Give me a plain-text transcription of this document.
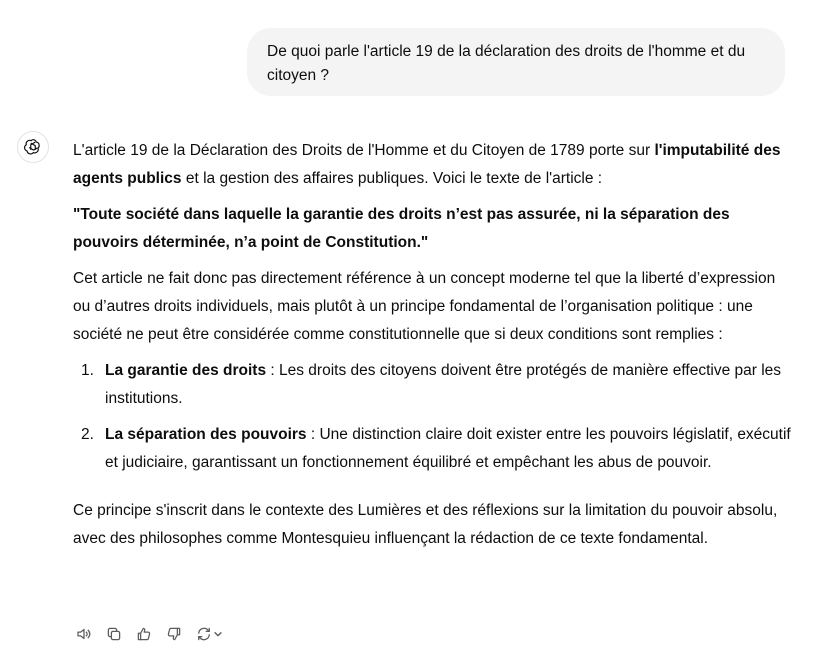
De quoi parle l'article 19 de la déclaration des droits de l'homme et du
citoyen ?

L'article 19 de la Déclaration des Droits de l'Homme et du Citoyen de 1789 porte sur l'imputabilité des agents publics et la gestion des affaires publiques. Voici le texte de l'article :

"Toute société dans laquelle la garantie des droits n’est pas assurée, ni la séparation des pouvoirs déterminée, n’a point de Constitution."

Cet article ne fait donc pas directement référence à un concept moderne tel que la liberté d’expression ou d’autres droits individuels, mais plutôt à un principe fondamental de l’organisation politique : une société ne peut être considérée comme constitutionnelle que si deux conditions sont remplies :

1. La garantie des droits : Les droits des citoyens doivent être protégés de manière effective par les institutions.
2. La séparation des pouvoirs : Une distinction claire doit exister entre les pouvoirs législatif, exécutif et judiciaire, garantissant un fonctionnement équilibré et empêchant les abus de pouvoir.

Ce principe s'inscrit dans le contexte des Lumières et des réflexions sur la limitation du pouvoir absolu, avec des philosophes comme Montesquieu influençant la rédaction de ce texte fondamental.
